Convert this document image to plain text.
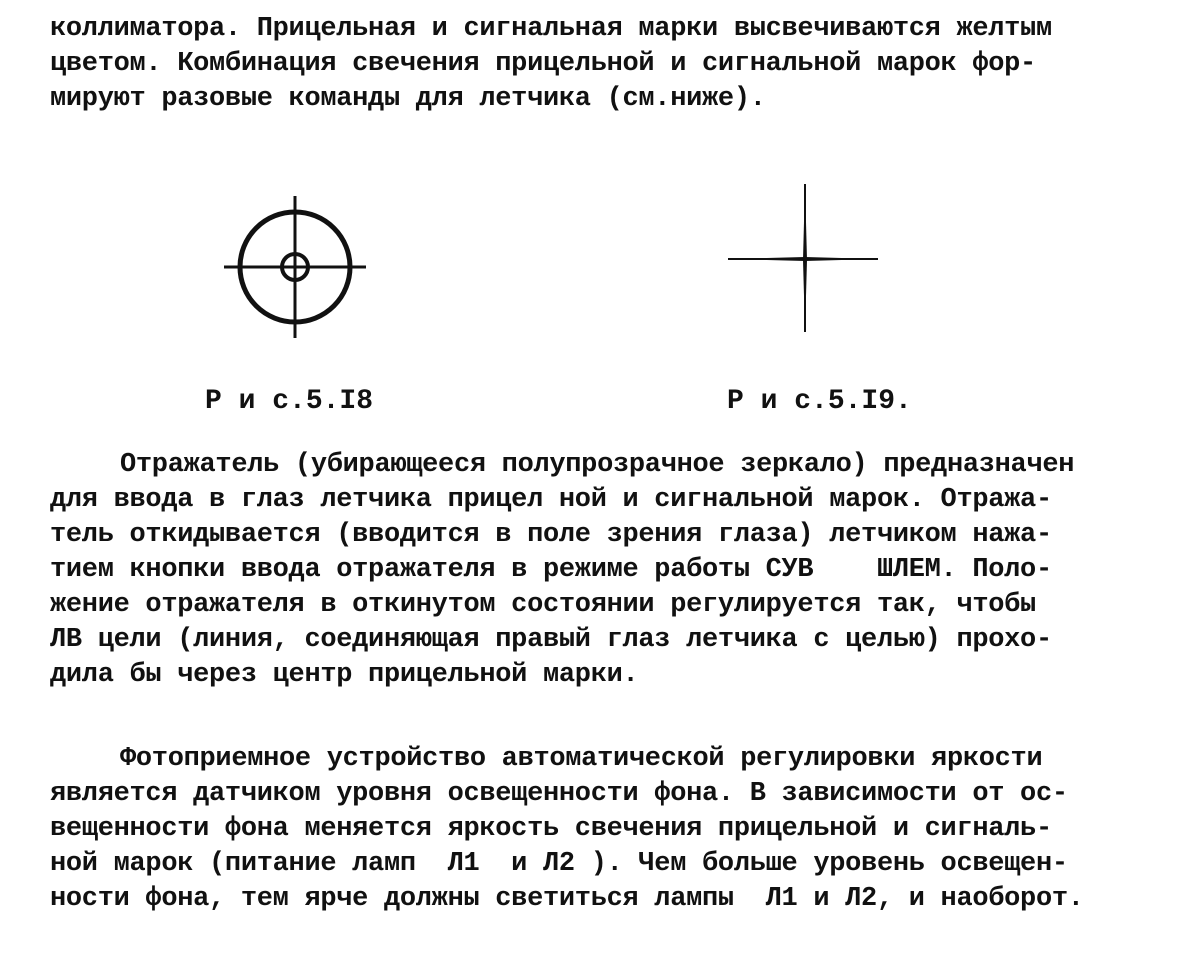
коллиматора. Прицельная и сигнальная марки высвечиваются желтым
цветом. Комбинация свечения прицельной и сигнальной марок фор-
мируют разовые команды для летчика (см.ниже).
Р и с.5.I8	Р и с.5.I9.
Отражатель (убирающееся полупрозрачное зеркало) предназначен
для ввода в глаз летчика прицел ной и сигнальной марок. Отража-
тель откидывается (вводится в поле зрения глаза) летчиком нажа-
тием кнопки ввода отражателя в режиме работы СУВ    ШЛЕМ. Поло-
жение отражателя в откинутом состоянии регулируется так, чтобы
ЛВ цели (линия, соединяющая правый глаз летчика с целью) прохо-
дила бы через центр прицельной марки.
Фотоприемное устройство автоматической регулировки яркости
является датчиком уровня освещенности фона. В зависимости от ос-
вещенности фона меняется яркость свечения прицельной и сигналь-
ной марок (питание ламп  Л1  и Л2 ). Чем больше уровень освещен-
ности фона, тем ярче должны светиться лампы  Л1 и Л2, и наоборот.
